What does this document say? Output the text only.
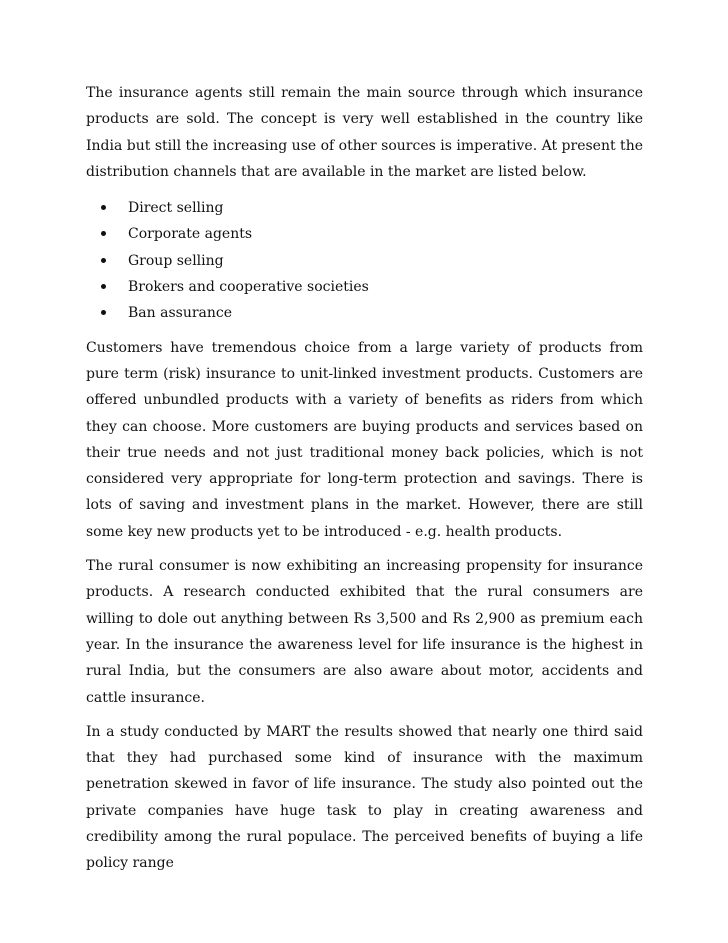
The insurance agents still remain the main source through which insurance products are sold. The concept is very well established in the country like India but still the increasing use of other sources is imperative. At present the distribution channels that are available in the market are listed below.

Direct selling
Corporate agents
Group selling
Brokers and cooperative societies
Ban assurance

Customers have tremendous choice from a large variety of products from pure term (risk) insurance to unit-linked investment products. Customers are offered unbundled products with a variety of benefits as riders from which they can choose. More customers are buying products and services based on their true needs and not just traditional money back policies, which is not considered very appropriate for long-term protection and savings. There is lots of saving and investment plans in the market. However, there are still some key new products yet to be introduced - e.g. health products.

The rural consumer is now exhibiting an increasing propensity for insurance products. A research conducted exhibited that the rural consumers are willing to dole out anything between Rs 3,500 and Rs 2,900 as premium each year. In the insurance the awareness level for life insurance is the highest in rural India, but the consumers are also aware about motor, accidents and cattle insurance.

In a study conducted by MART the results showed that nearly one third said that they had purchased some kind of insurance with the maximum penetration skewed in favor of life insurance. The study also pointed out the private companies have huge task to play in creating awareness and credibility among the rural populace. The perceived benefits of buying a life policy range
